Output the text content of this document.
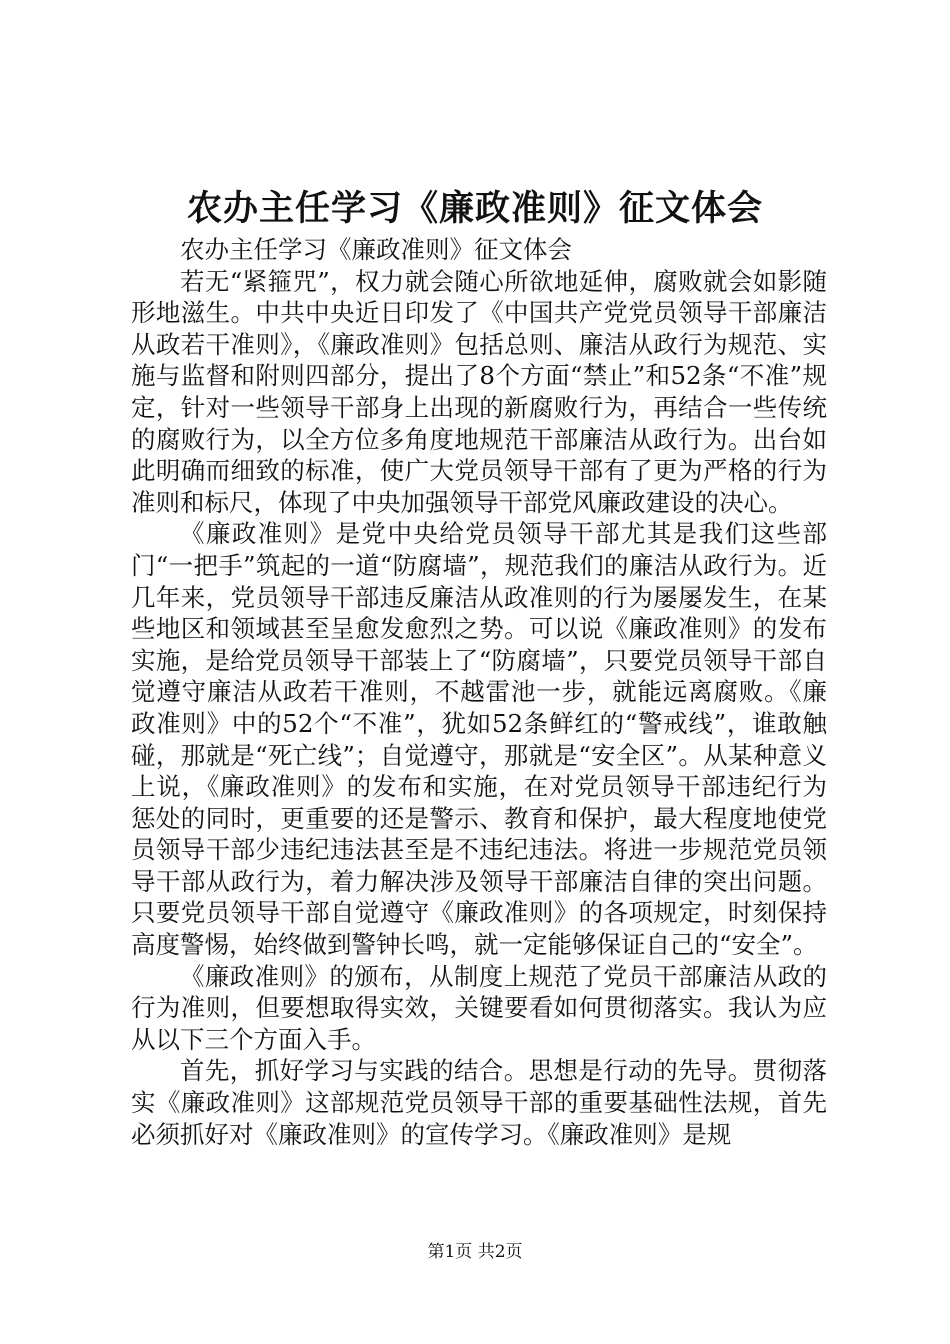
农办主任学习《廉政准则》征文体会

农办主任学习《廉政准则》征文体会

若无“紧箍咒”，权力就会随心所欲地延伸，腐败就会如影随形地滋生。中共中央近日印发了《中国共产党党员领导干部廉洁从政若干准则》，《廉政准则》包括总则、廉洁从政行为规范、实施与监督和附则四部分，提出了8个方面“禁止”和52条“不准”规定，针对一些领导干部身上出现的新腐败行为，再结合一些传统的腐败行为，以全方位多角度地规范干部廉洁从政行为。出台如此明确而细致的标准，使广大党员领导干部有了更为严格的行为准则和标尺，体现了中央加强领导干部党风廉政建设的决心。

《廉政准则》是党中央给党员领导干部尤其是我们这些部门“一把手”筑起的一道“防腐墙”，规范我们的廉洁从政行为。近几年来，党员领导干部违反廉洁从政准则的行为屡屡发生，在某些地区和领域甚至呈愈发愈烈之势。可以说《廉政准则》的发布实施，是给党员领导干部装上了“防腐墙”，只要党员领导干部自觉遵守廉洁从政若干准则，不越雷池一步，就能远离腐败。《廉政准则》中的52个“不准”，犹如52条鲜红的“警戒线”，谁敢触碰，那就是“死亡线”；自觉遵守，那就是“安全区”。从某种意义上说，《廉政准则》的发布和实施，在对党员领导干部违纪行为惩处的同时，更重要的还是警示、教育和保护，最大程度地使党员领导干部少违纪违法甚至是不违纪违法。将进一步规范党员领导干部从政行为，着力解决涉及领导干部廉洁自律的突出问题。只要党员领导干部自觉遵守《廉政准则》的各项规定，时刻保持高度警惕，始终做到警钟长鸣，就一定能够保证自己的“安全”。

《廉政准则》的颁布，从制度上规范了党员干部廉洁从政的行为准则，但要想取得实效，关键要看如何贯彻落实。我认为应从以下三个方面入手。

首先，抓好学习与实践的结合。思想是行动的先导。贯彻落实《廉政准则》这部规范党员领导干部的重要基础性法规，首先必须抓好对《廉政准则》的宣传学习。《廉政准则》是规

第1页 共2页
